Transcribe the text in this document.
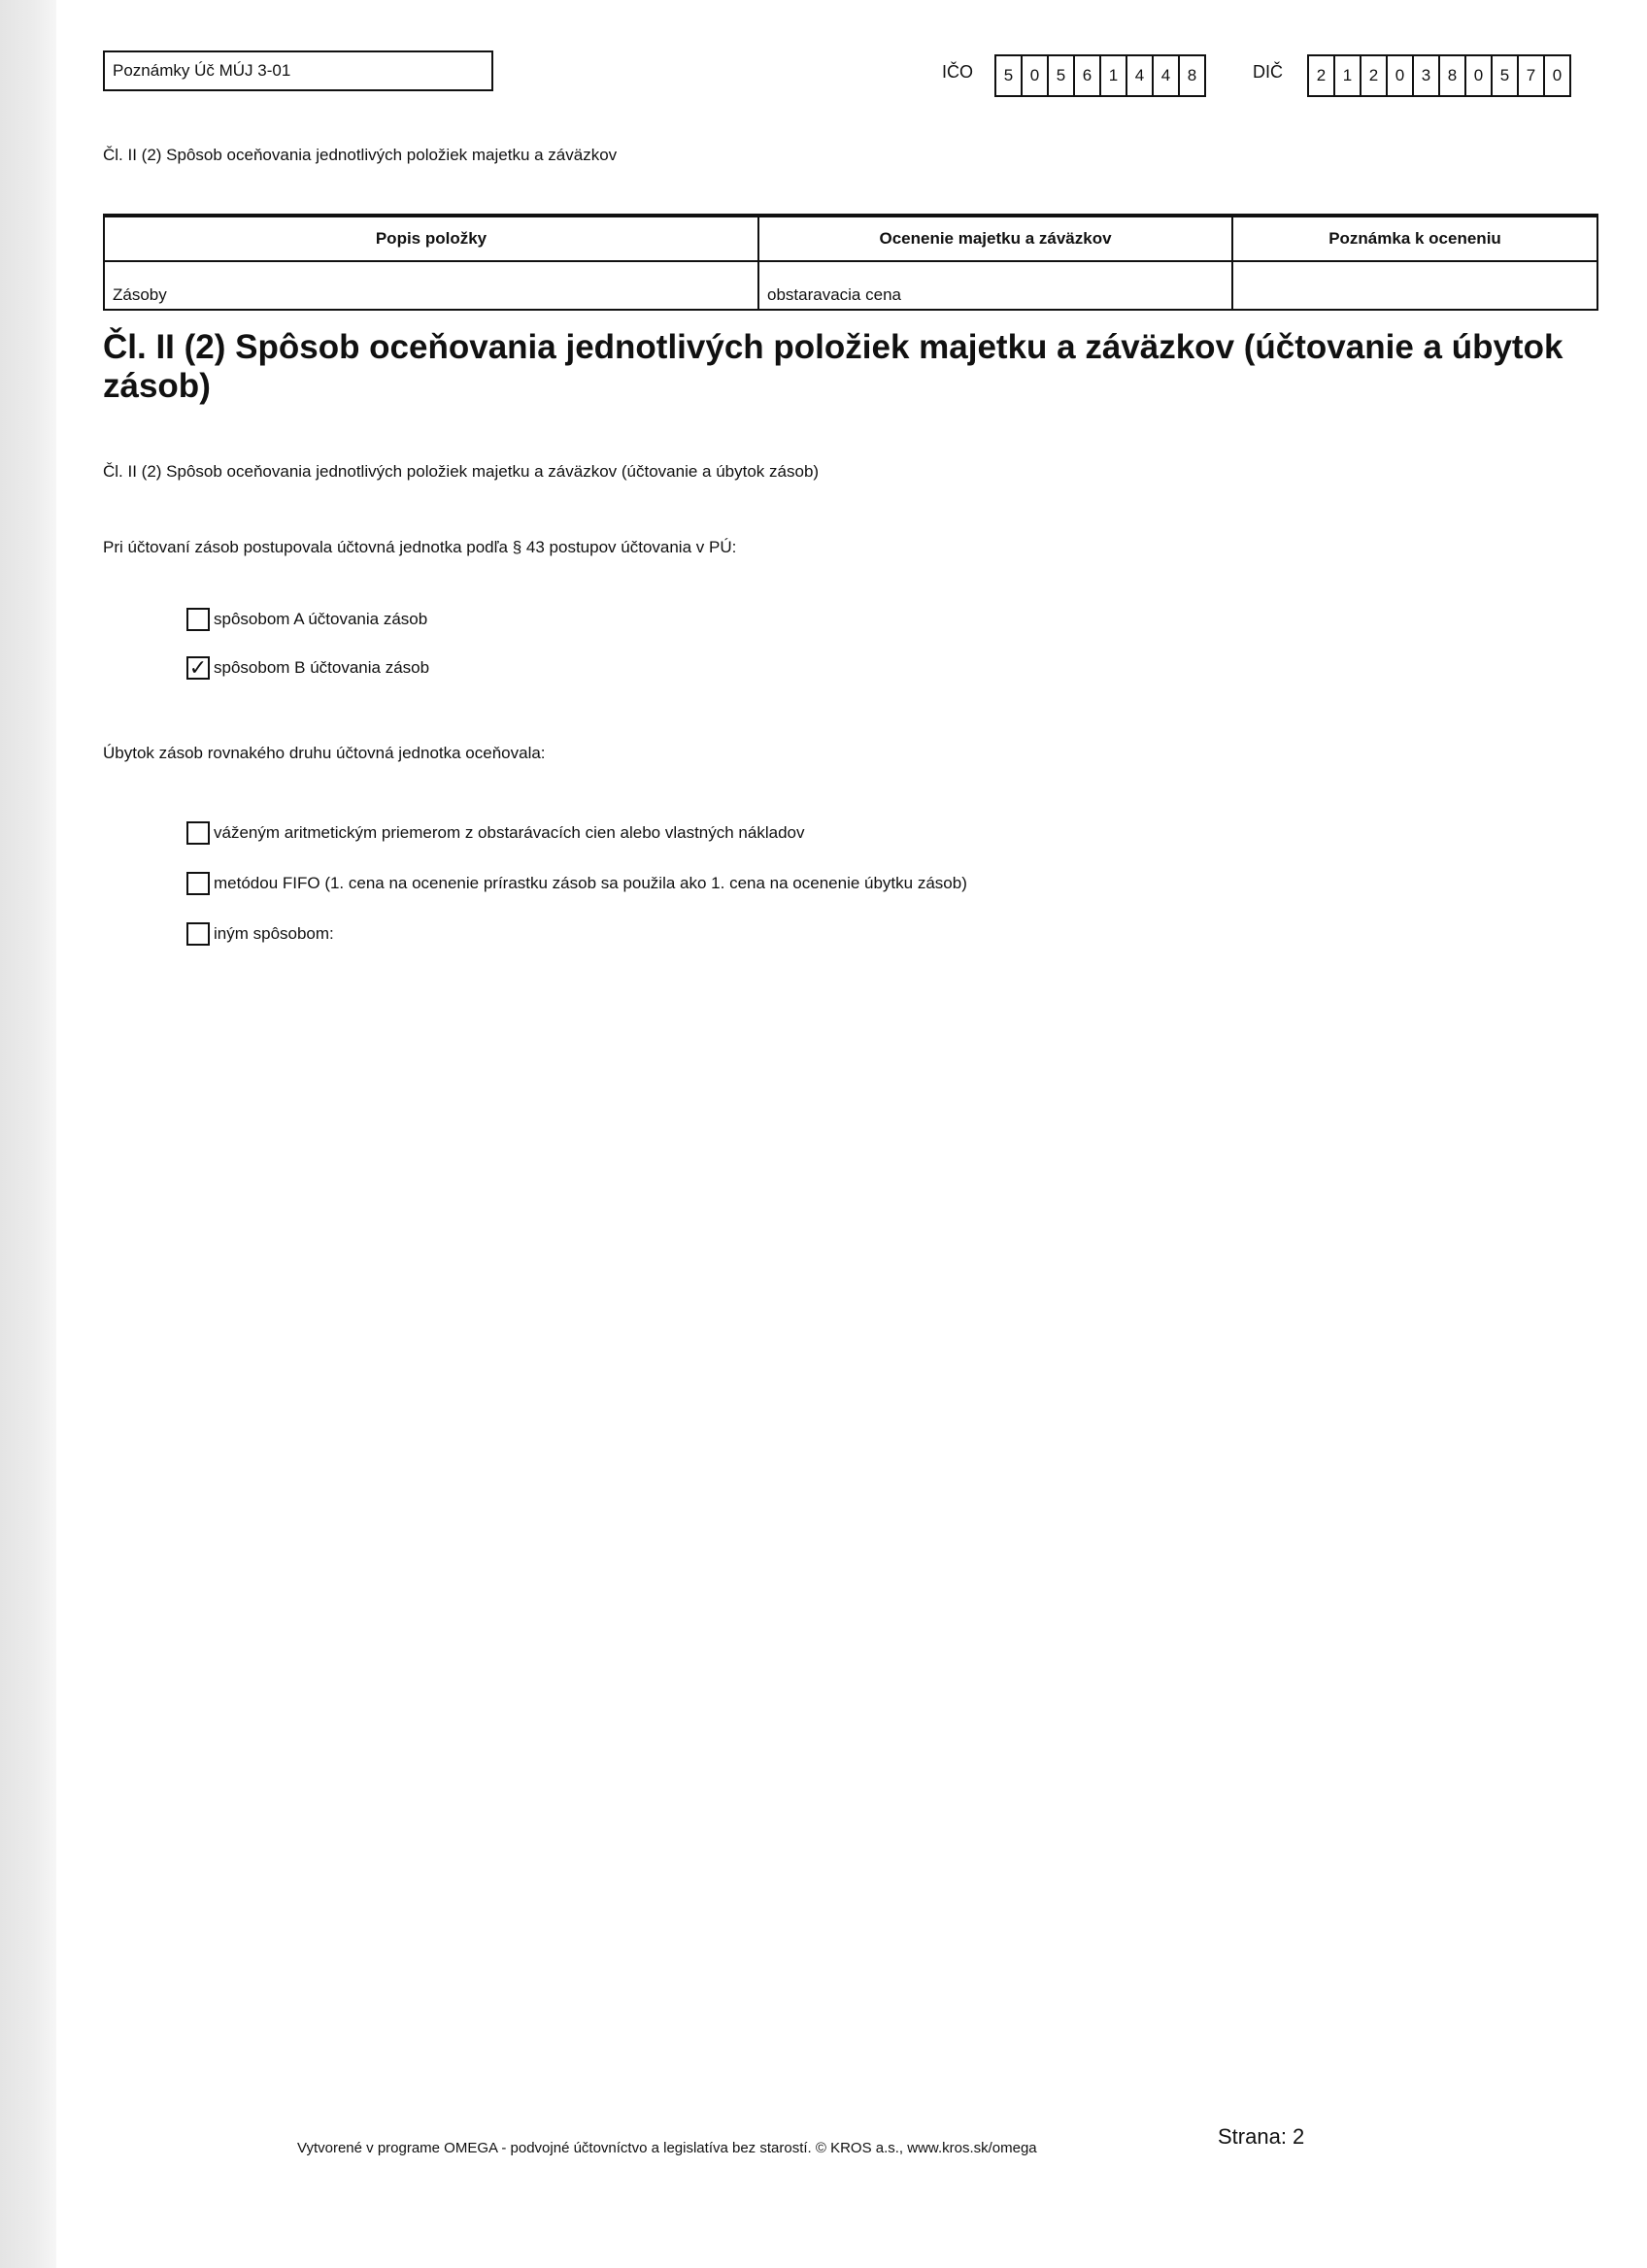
Poznámky Úč MÚJ 3-01	IČO	5	0	5	6	1	4	4	8	DIČ	2	1	2	0	3	8	0	5	7	0
Čl. II (2) Spôsob oceňovania jednotlivých položiek majetku a záväzkov
Popis položky	Ocenenie majetku a záväzkov	Poznámka k oceneniu
Zásoby	obstaravacia cena	
Čl. II (2) Spôsob oceňovania jednotlivých položiek majetku a záväzkov (účtovanie a úbytok zásob)
Čl. II (2) Spôsob oceňovania jednotlivých položiek majetku a záväzkov (účtovanie a úbytok zásob)
Pri účtovaní zásob postupovala účtovná jednotka podľa § 43 postupov účtovania v PÚ:
spôsobom A účtovania zásob
✓ spôsobom B účtovania zásob
Úbytok zásob rovnakého druhu účtovná jednotka oceňovala:
váženým aritmetickým priemerom z obstarávacích cien alebo vlastných nákladov
metódou FIFO (1. cena na ocenenie prírastku zásob sa použila ako 1. cena na ocenenie úbytku zásob)
iným spôsobom:
Vytvorené v programe OMEGA - podvojné účtovníctvo a legislatíva bez starostí. © KROS a.s., www.kros.sk/omega	Strana: 2
